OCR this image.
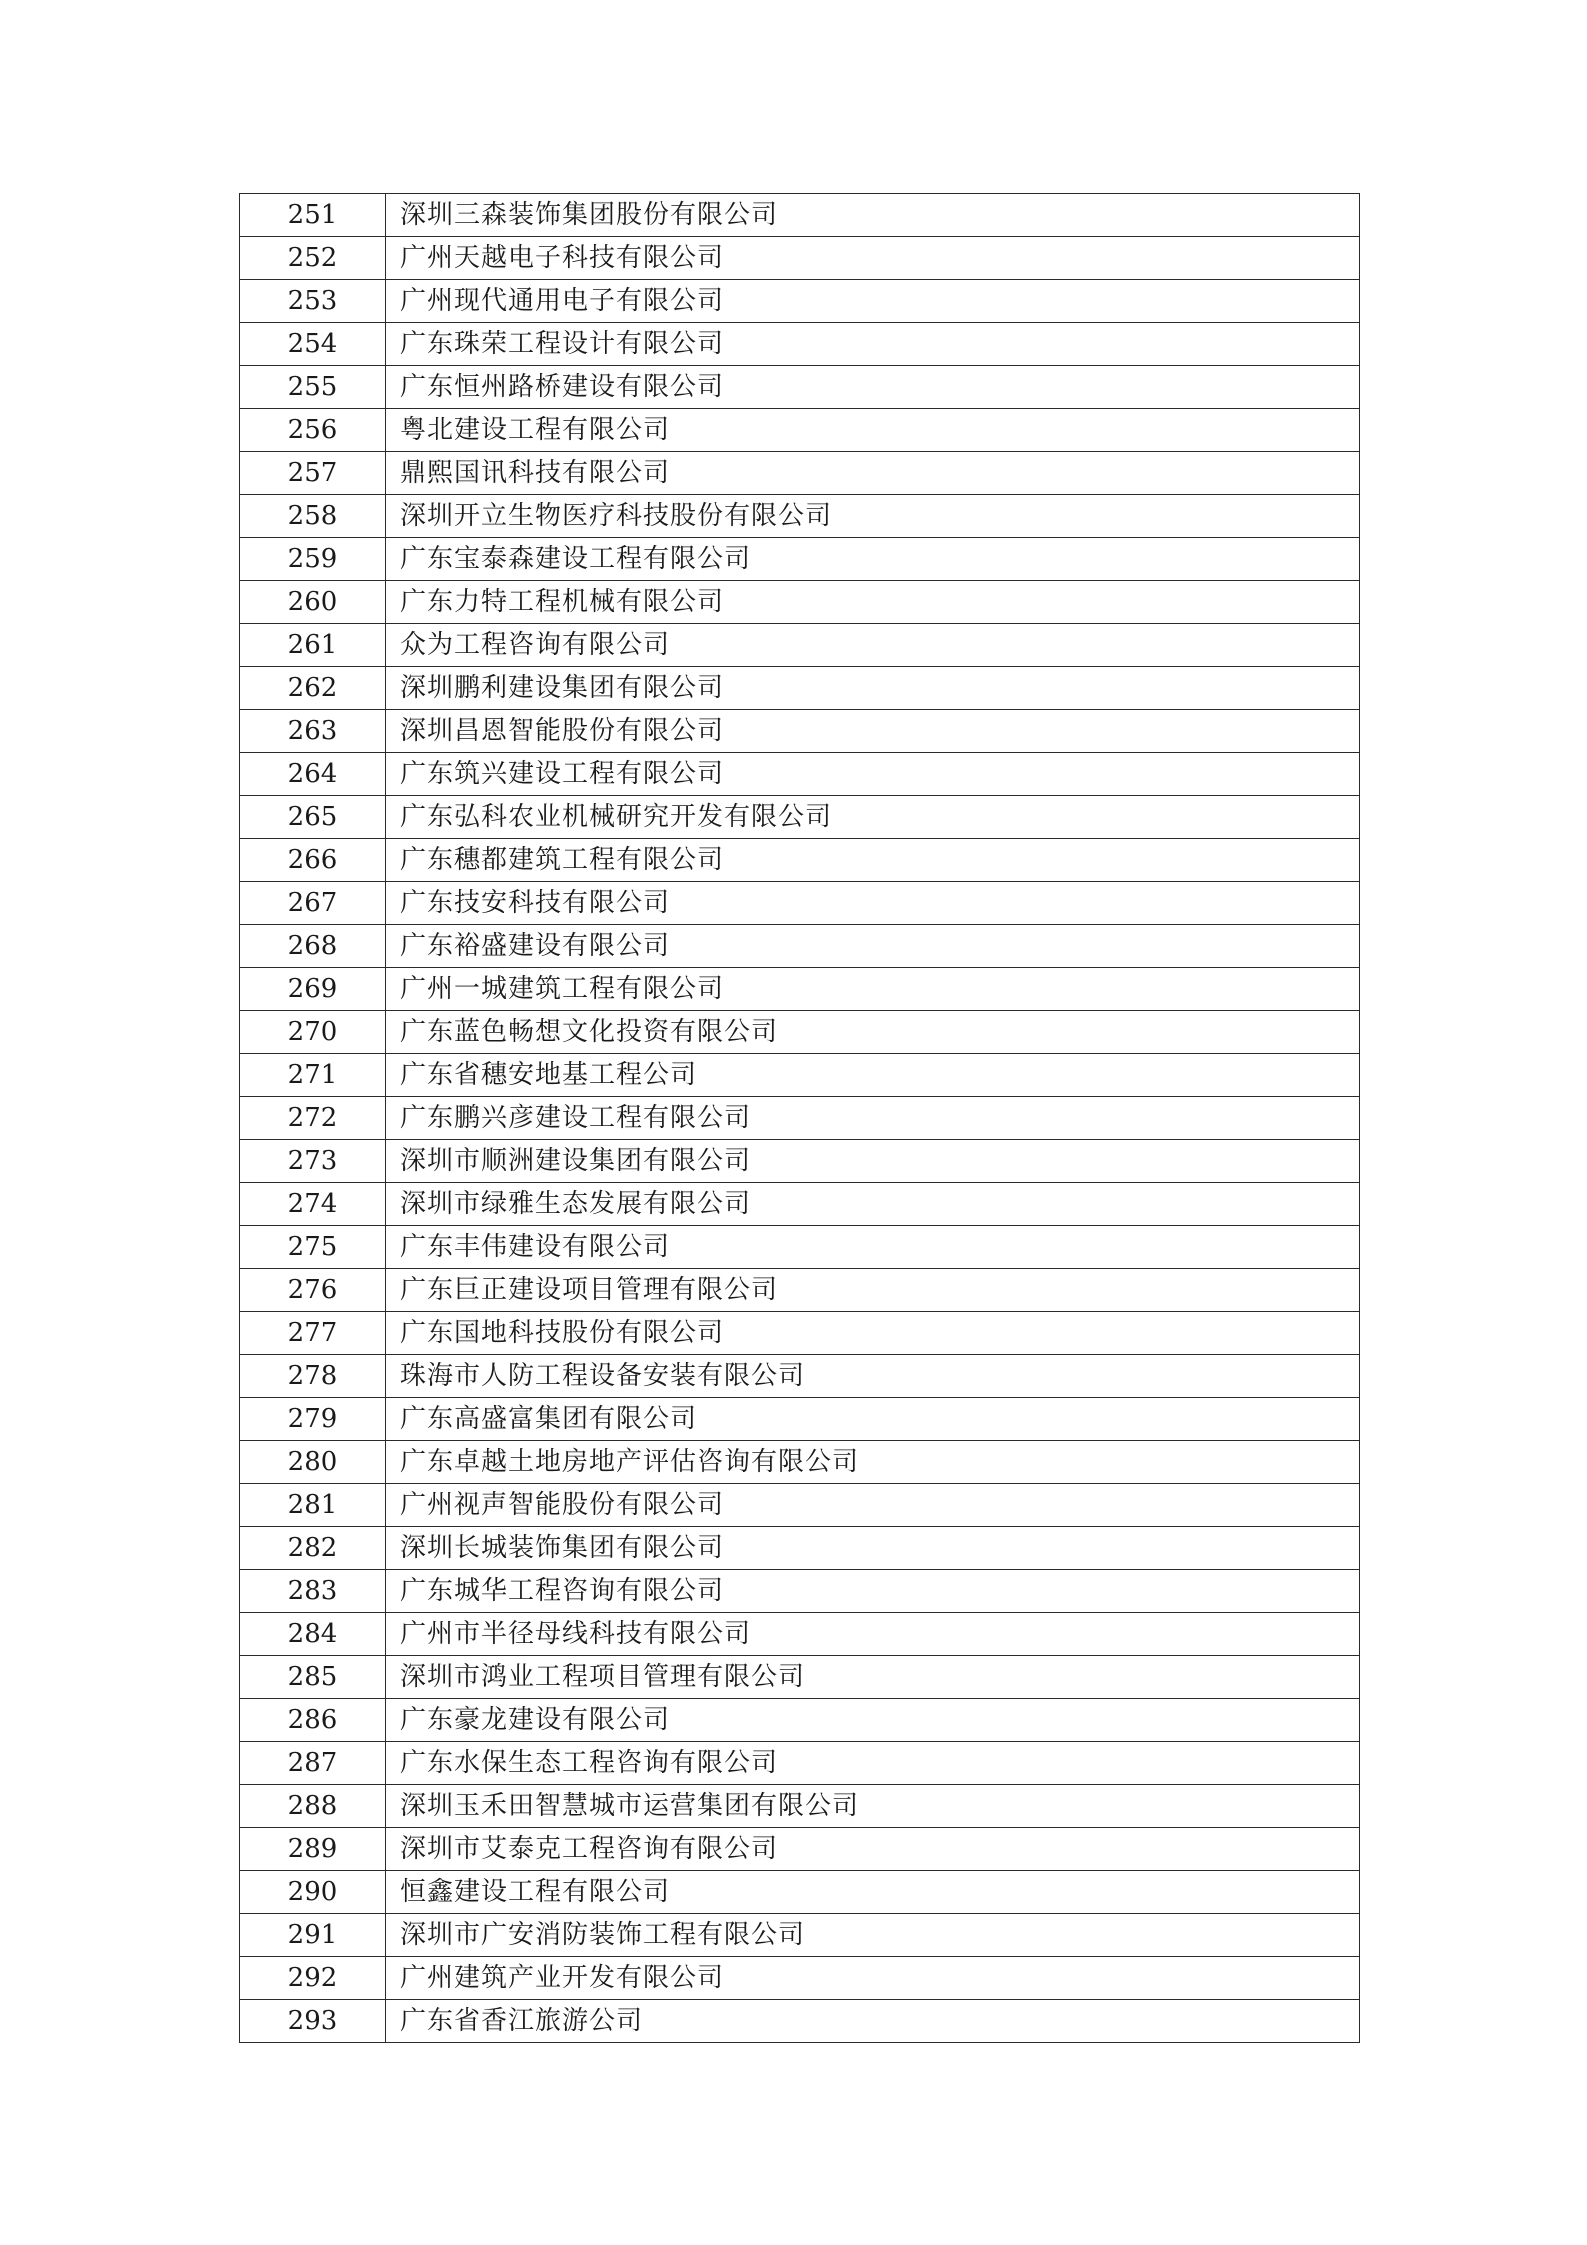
251	深圳三森装饰集团股份有限公司
252	广州天越电子科技有限公司
253	广州现代通用电子有限公司
254	广东珠荣工程设计有限公司
255	广东恒州路桥建设有限公司
256	粤北建设工程有限公司
257	鼎熙国讯科技有限公司
258	深圳开立生物医疗科技股份有限公司
259	广东宝泰森建设工程有限公司
260	广东力特工程机械有限公司
261	众为工程咨询有限公司
262	深圳鹏利建设集团有限公司
263	深圳昌恩智能股份有限公司
264	广东筑兴建设工程有限公司
265	广东弘科农业机械研究开发有限公司
266	广东穗都建筑工程有限公司
267	广东技安科技有限公司
268	广东裕盛建设有限公司
269	广州一城建筑工程有限公司
270	广东蓝色畅想文化投资有限公司
271	广东省穗安地基工程公司
272	广东鹏兴彦建设工程有限公司
273	深圳市顺洲建设集团有限公司
274	深圳市绿雅生态发展有限公司
275	广东丰伟建设有限公司
276	广东巨正建设项目管理有限公司
277	广东国地科技股份有限公司
278	珠海市人防工程设备安装有限公司
279	广东高盛富集团有限公司
280	广东卓越土地房地产评估咨询有限公司
281	广州视声智能股份有限公司
282	深圳长城装饰集团有限公司
283	广东城华工程咨询有限公司
284	广州市半径母线科技有限公司
285	深圳市鸿业工程项目管理有限公司
286	广东豪龙建设有限公司
287	广东水保生态工程咨询有限公司
288	深圳玉禾田智慧城市运营集团有限公司
289	深圳市艾泰克工程咨询有限公司
290	恒鑫建设工程有限公司
291	深圳市广安消防装饰工程有限公司
292	广州建筑产业开发有限公司
293	广东省香江旅游公司
